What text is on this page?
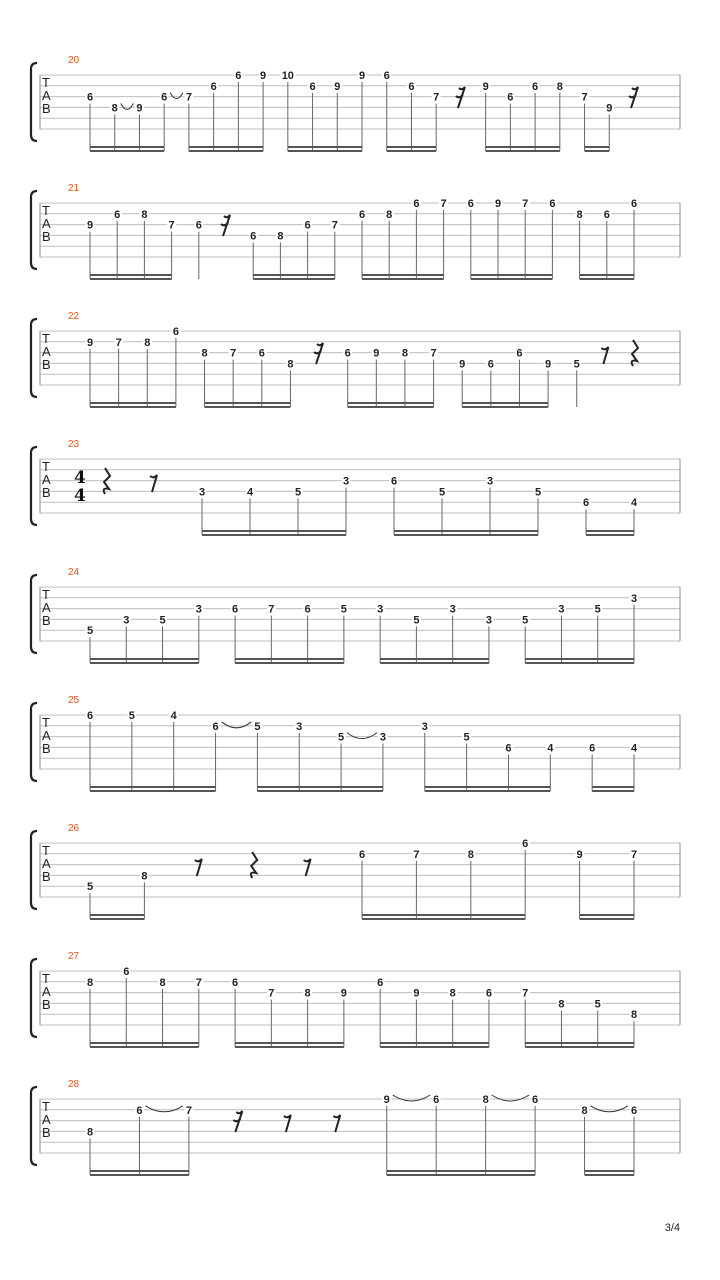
T
A
B
20
6
8 9
6 7
6
6 9 10
6 9
9 6
6
7
9
6
6 8
7
9
T
A
B
21
9
6 8
7 6
6 8
6 7
6 8
6 7 6 9 7 6
8 6
6
T
A
B
22
9 7 8
6
8 7 6
8
6 9 8 7
9 6
6
9 5
T
A
B
23
4
4	3	4	5
3	6
5
3
5
6	4
T
A
B
24
5
3	5
3	6	7	6	5	3
5
3
3	5
3	5
3
T
A
B
25
6	5	4
6	5	3
5	3
3
5
6	4	6	4
T
A
B
26
5
8
6	7	8
6
9	7
T
A
B
27
8
6
8	7	6
7	8	9
6
9	8	6	7
8	5
8
T
A
B
28
8
6	7
9	6	8	6
8	6
3/4
